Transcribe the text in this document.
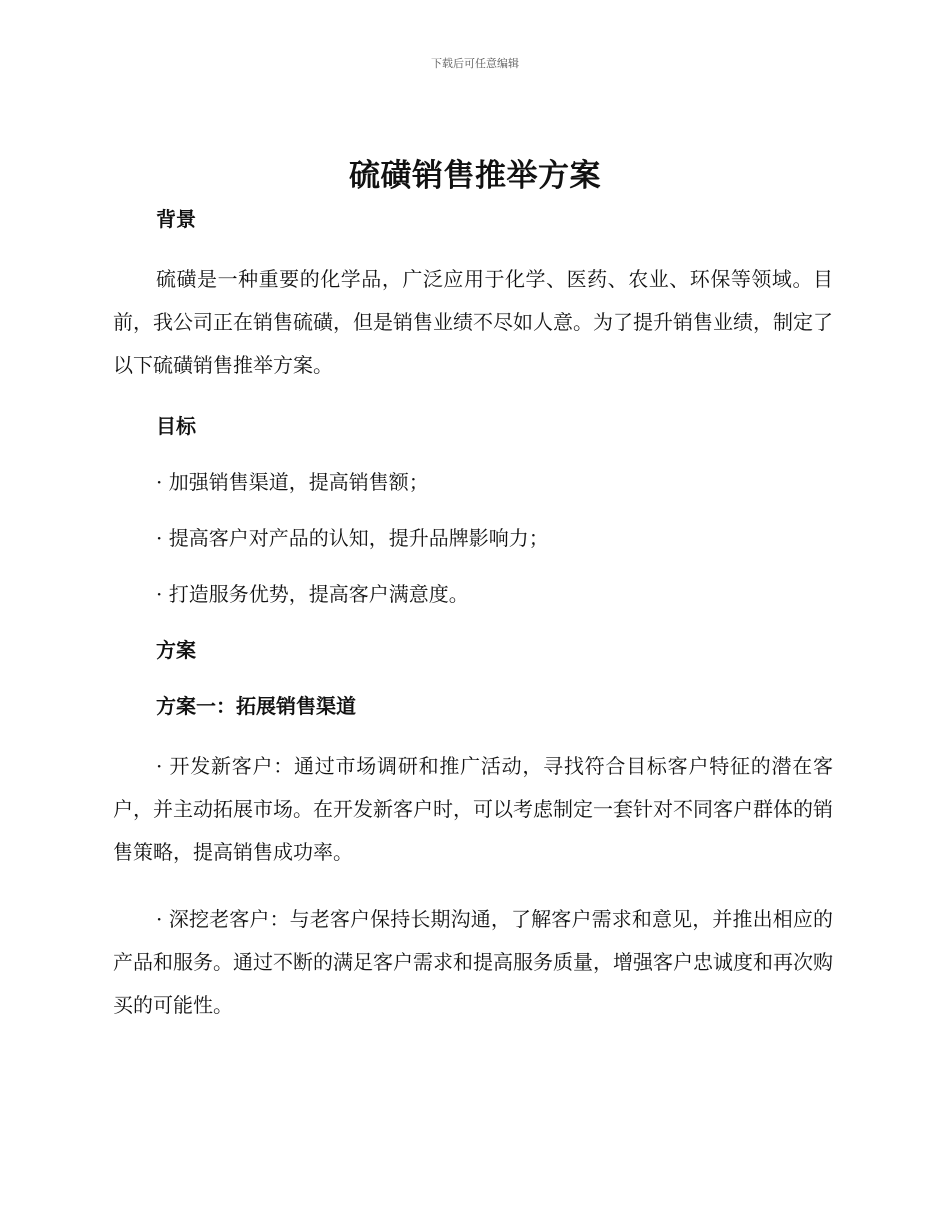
下载后可任意编辑
硫磺销售推举方案

背景

硫磺是一种重要的化学品，广泛应用于化学、医药、农业、环保等领域。目前，我公司正在销售硫磺，但是销售业绩不尽如人意。为了提升销售业绩，制定了以下硫磺销售推举方案。

目标

· 加强销售渠道，提高销售额；

· 提高客户对产品的认知，提升品牌影响力；

· 打造服务优势，提高客户满意度。

方案

方案一：拓展销售渠道

· 开发新客户：通过市场调研和推广活动，寻找符合目标客户特征的潜在客户，并主动拓展市场。在开发新客户时，可以考虑制定一套针对不同客户群体的销售策略，提高销售成功率。

· 深挖老客户：与老客户保持长期沟通，了解客户需求和意见，并推出相应的产品和服务。通过不断的满足客户需求和提高服务质量，增强客户忠诚度和再次购买的可能性。
